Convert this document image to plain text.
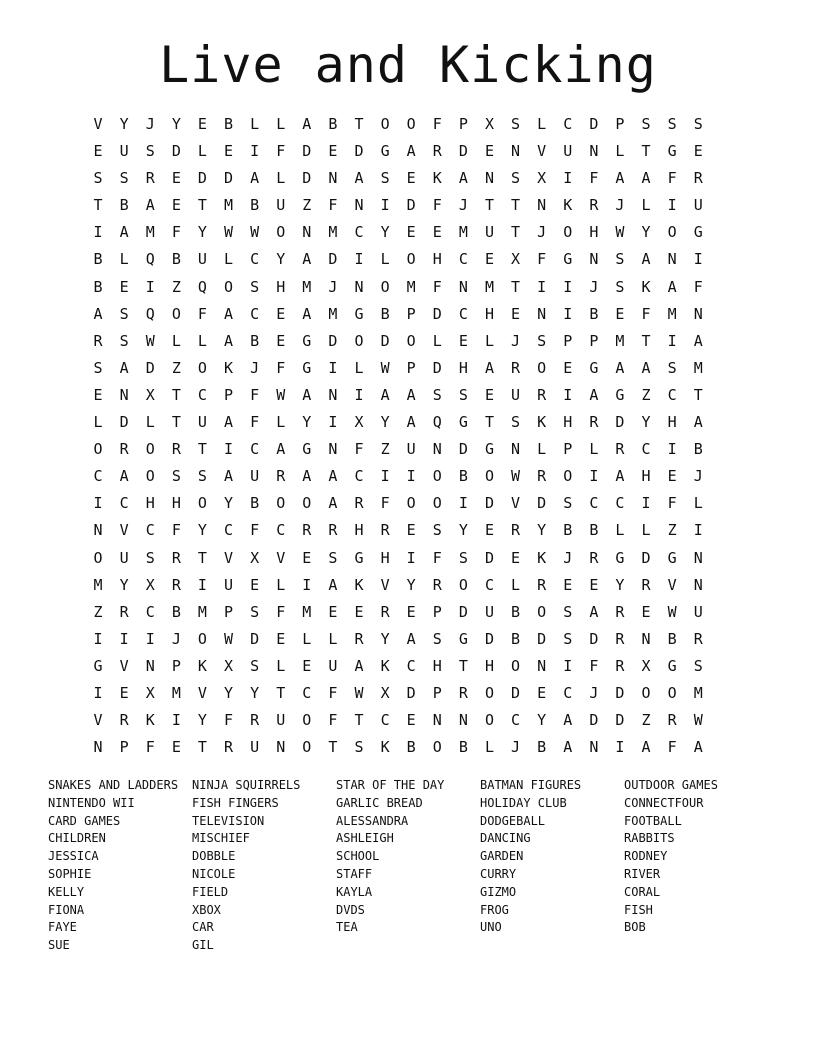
Live and Kicking
V	Y	J	Y	E	B	L	L	A	B	T	O	O	F	P	X	S	L	C	D	P	S	S	S
E	U	S	D	L	E	I	F	D	E	D	G	A	R	D	E	N	V	U	N	L	T	G	E
S	S	R	E	D	D	A	L	D	N	A	S	E	K	A	N	S	X	I	F	A	A	F	R
T	B	A	E	T	M	B	U	Z	F	N	I	D	F	J	T	T	N	K	R	J	L	I	U
I	A	M	F	Y	W	W	O	N	M	C	Y	E	E	M	U	T	J	O	H	W	Y	O	G
B	L	Q	B	U	L	C	Y	A	D	I	L	O	H	C	E	X	F	G	N	S	A	N	I
B	E	I	Z	Q	O	S	H	M	J	N	O	M	F	N	M	T	I	I	J	S	K	A	F
A	S	Q	O	F	A	C	E	A	M	G	B	P	D	C	H	E	N	I	B	E	F	M	N
R	S	W	L	L	A	B	E	G	D	O	D	O	L	E	L	J	S	P	P	M	T	I	A
S	A	D	Z	O	K	J	F	G	I	L	W	P	D	H	A	R	O	E	G	A	A	S	M
E	N	X	T	C	P	F	W	A	N	I	A	A	S	S	E	U	R	I	A	G	Z	C	T
L	D	L	T	U	A	F	L	Y	I	X	Y	A	Q	G	T	S	K	H	R	D	Y	H	A
O	R	O	R	T	I	C	A	G	N	F	Z	U	N	D	G	N	L	P	L	R	C	I	B
C	A	O	S	S	A	U	R	A	A	C	I	I	O	B	O	W	R	O	I	A	H	E	J
I	C	H	H	O	Y	B	O	O	A	R	F	O	O	I	D	V	D	S	C	C	I	F	L
N	V	C	F	Y	C	F	C	R	R	H	R	E	S	Y	E	R	Y	B	B	L	L	Z	I
O	U	S	R	T	V	X	V	E	S	G	H	I	F	S	D	E	K	J	R	G	D	G	N
M	Y	X	R	I	U	E	L	I	A	K	V	Y	R	O	C	L	R	E	E	Y	R	V	N
Z	R	C	B	M	P	S	F	M	E	E	R	E	P	D	U	B	O	S	A	R	E	W	U
I	I	I	J	O	W	D	E	L	L	R	Y	A	S	G	D	B	D	S	D	R	N	B	R
G	V	N	P	K	X	S	L	E	U	A	K	C	H	T	H	O	N	I	F	R	X	G	S
I	E	X	M	V	Y	Y	T	C	F	W	X	D	P	R	O	D	E	C	J	D	O	O	M
V	R	K	I	Y	F	R	U	O	F	T	C	E	N	N	O	C	Y	A	D	D	Z	R	W
N	P	F	E	T	R	U	N	O	T	S	K	B	O	B	L	J	B	A	N	I	A	F	A
SNAKES AND LADDERS
NINTENDO WII
CARD GAMES
CHILDREN
JESSICA
SOPHIE
KELLY
FIONA
FAYE
SUE
NINJA SQUIRRELS
FISH FINGERS
TELEVISION
MISCHIEF
DOBBLE
NICOLE
FIELD
XBOX
CAR
GIL
STAR OF THE DAY
GARLIC BREAD
ALESSANDRA
ASHLEIGH
SCHOOL
STAFF
KAYLA
DVDS
TEA
BATMAN FIGURES
HOLIDAY CLUB
DODGEBALL
DANCING
GARDEN
CURRY
GIZMO
FROG
UNO
OUTDOOR GAMES
CONNECTFOUR
FOOTBALL
RABBITS
RODNEY
RIVER
CORAL
FISH
BOB
